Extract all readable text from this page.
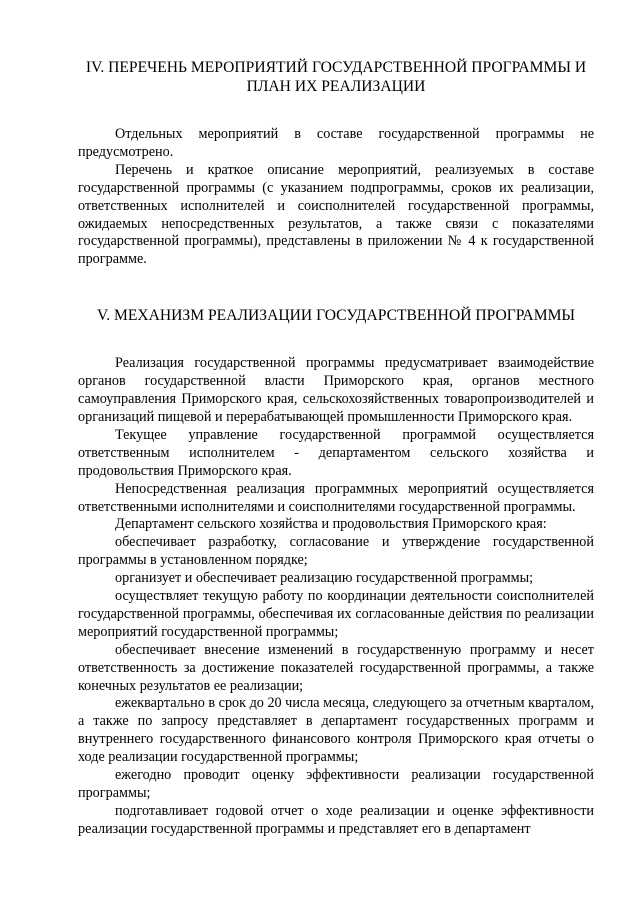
IV. ПЕРЕЧЕНЬ МЕРОПРИЯТИЙ ГОСУДАРСТВЕННОЙ ПРОГРАММЫ И ПЛАН ИХ РЕАЛИЗАЦИИ

Отдельных мероприятий в составе государственной программы не предусмотрено.

Перечень и краткое описание мероприятий, реализуемых в составе государственной программы (с указанием подпрограммы, сроков их реализации, ответственных исполнителей и соисполнителей государственной программы, ожидаемых непосредственных результатов, а также связи с показателями государственной программы), представлены в приложении № 4 к государственной программе.

V. МЕХАНИЗМ РЕАЛИЗАЦИИ ГОСУДАРСТВЕННОЙ ПРОГРАММЫ

Реализация государственной программы предусматривает взаимодействие органов государственной власти Приморского края, органов местного самоуправления Приморского края, сельскохозяйственных товаропроизводителей и организаций пищевой и перерабатывающей промышленности Приморского края.

Текущее управление государственной программой осуществляется ответственным исполнителем - департаментом сельского хозяйства и продовольствия Приморского края.

Непосредственная реализация программных мероприятий осуществляется ответственными исполнителями и соисполнителями государственной программы.

Департамент сельского хозяйства и продовольствия Приморского края:

обеспечивает разработку, согласование и утверждение государственной программы в установленном порядке;

организует и обеспечивает реализацию государственной программы;

осуществляет текущую работу по координации деятельности соисполнителей государственной программы, обеспечивая их согласованные действия по реализации мероприятий государственной программы;

обеспечивает внесение изменений в государственную программу и несет ответственность за достижение показателей государственной программы, а также конечных результатов ее реализации;

ежеквартально в срок до 20 числа месяца, следующего за отчетным кварталом, а также по запросу представляет в департамент государственных программ и внутреннего государственного финансового контроля Приморского края отчеты о ходе реализации государственной программы;

ежегодно проводит оценку эффективности реализации государственной программы;

подготавливает годовой отчет о ходе реализации и оценке эффективности реализации государственной программы и представляет его в департамент
